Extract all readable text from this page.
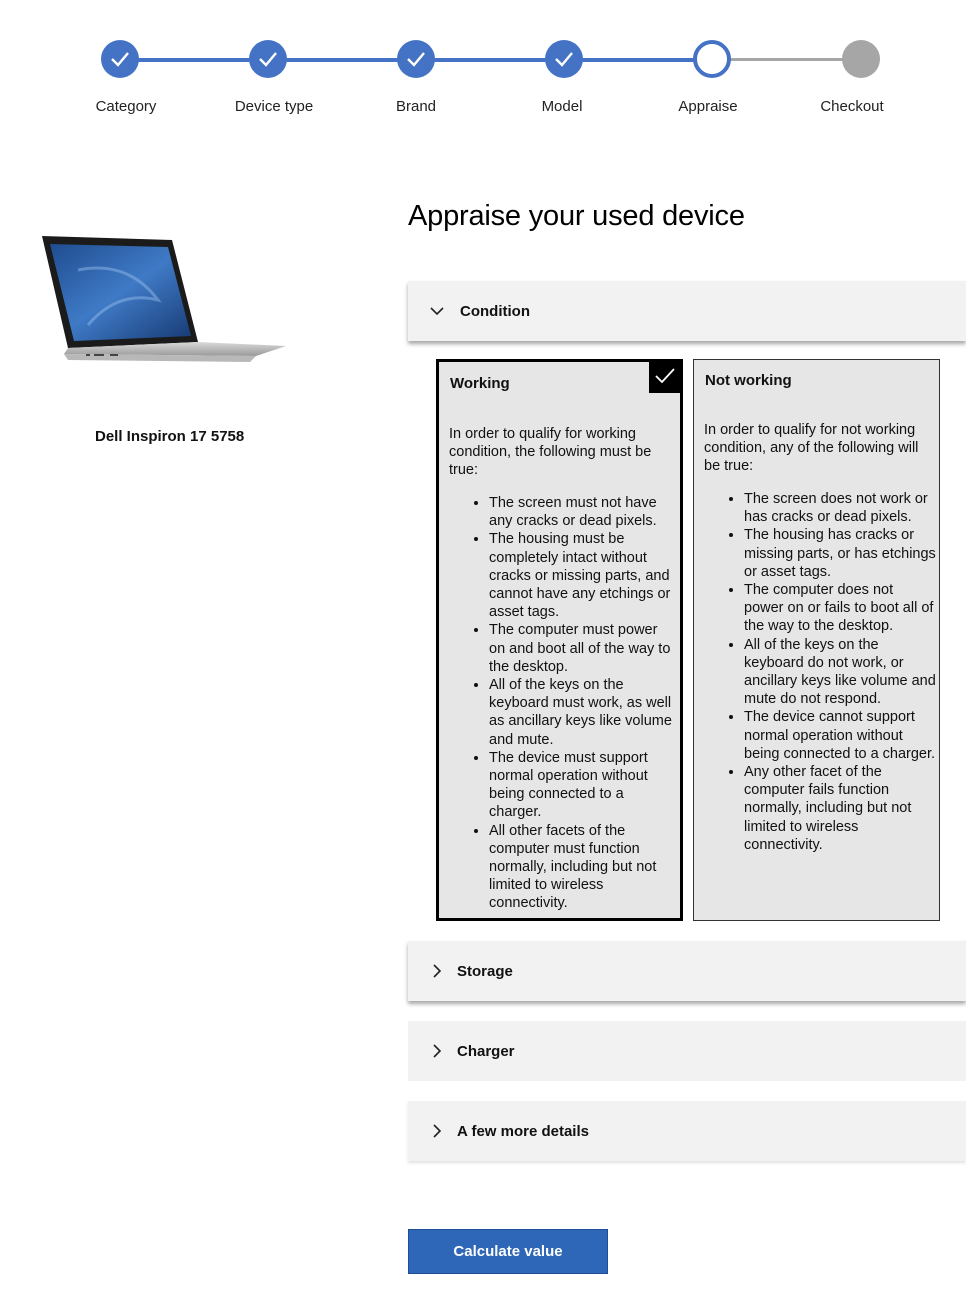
Category	Device type	Brand	Model	Appraise	Checkout
Dell Inspiron 17 5758
Appraise your used device
Condition
Working
In order to qualify for working condition, the following must be true:
• The screen must not have any cracks or dead pixels.
• The housing must be completely intact without cracks or missing parts, and cannot have any etchings or asset tags.
• The computer must power on and boot all of the way to the desktop.
• All of the keys on the keyboard must work, as well as ancillary keys like volume and mute.
• The device must support normal operation without being connected to a charger.
• All other facets of the computer must function normally, including but not limited to wireless connectivity.
Not working
In order to qualify for not working condition, any of the following will be true:
• The screen does not work or has cracks or dead pixels.
• The housing has cracks or missing parts, or has etchings or asset tags.
• The computer does not power on or fails to boot all of the way to the desktop.
• All of the keys on the keyboard do not work, or ancillary keys like volume and mute do not respond.
• The device cannot support normal operation without being connected to a charger.
• Any other facet of the computer fails function normally, including but not limited to wireless connectivity.
Storage
Charger
A few more details
Calculate value
